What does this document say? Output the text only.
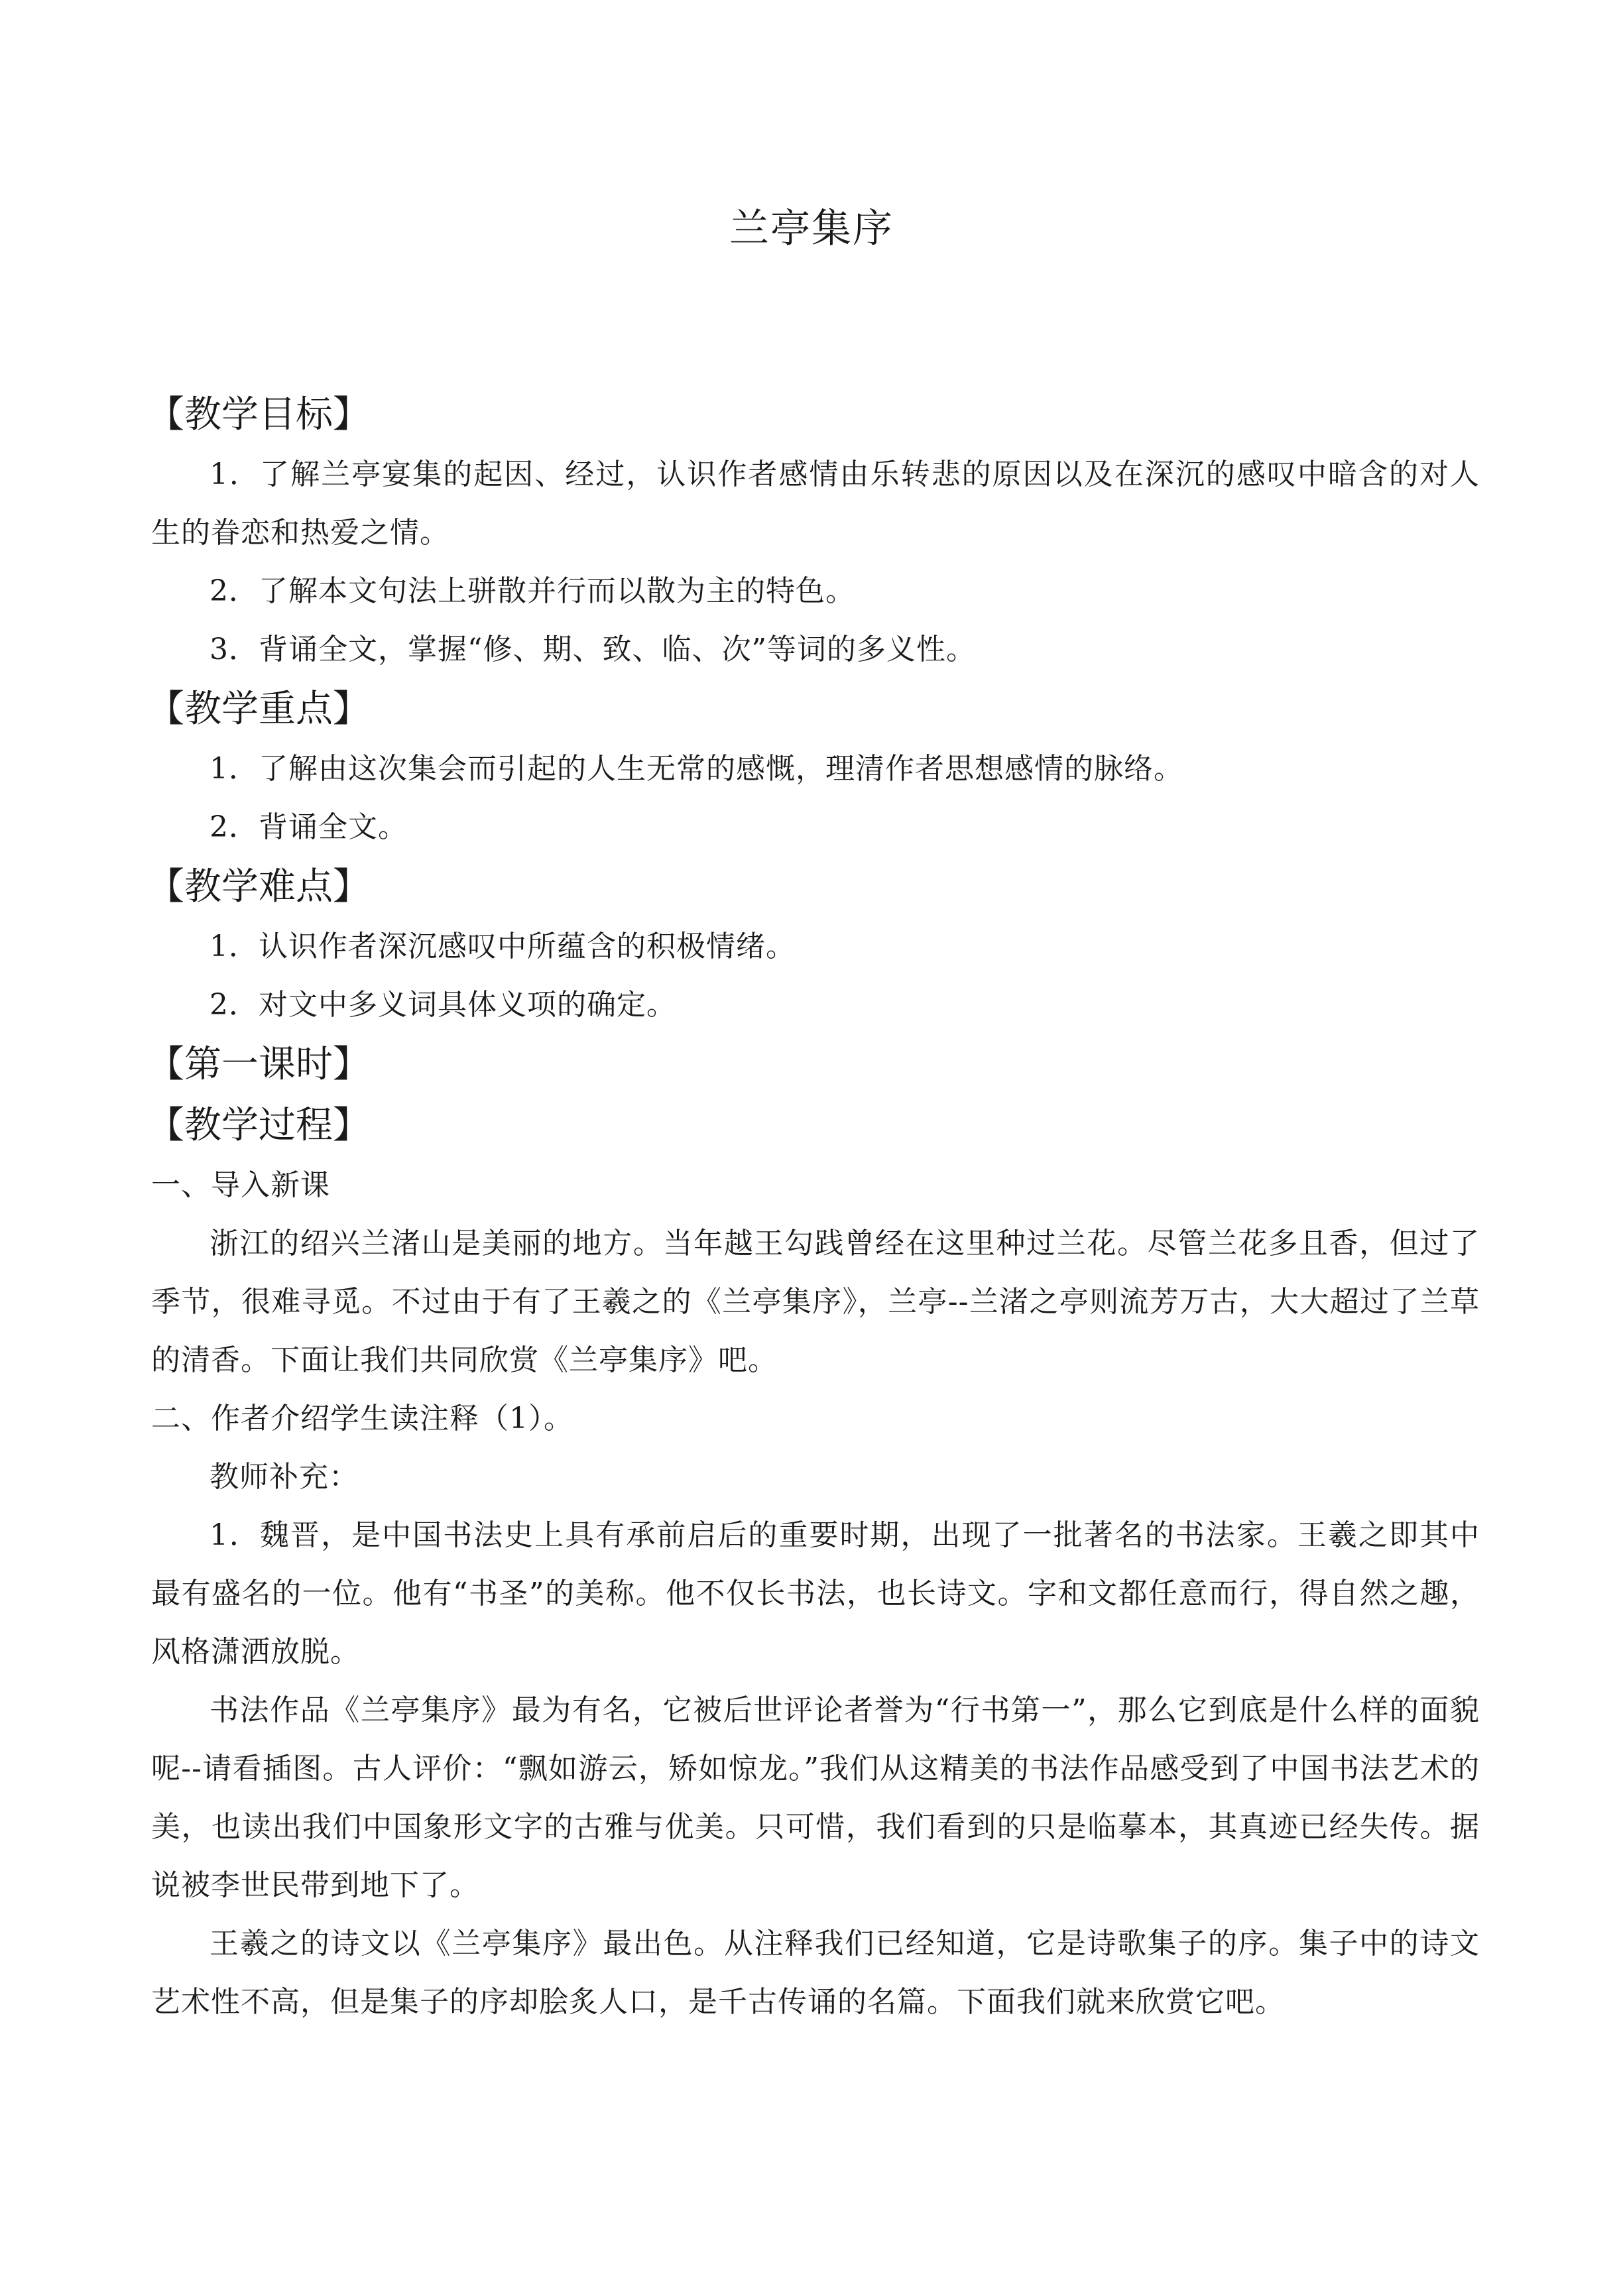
兰亭集序
【教学目标】
1．了解兰亭宴集的起因、经过，认识作者感情由乐转悲的原因以及在深沉的感叹中暗含的对人生的眷恋和热爱之情。
2．了解本文句法上骈散并行而以散为主的特色。
3．背诵全文，掌握“修、期、致、临、次”等词的多义性。
【教学重点】
1．了解由这次集会而引起的人生无常的感慨，理清作者思想感情的脉络。
2．背诵全文。
【教学难点】
1．认识作者深沉感叹中所蕴含的积极情绪。
2．对文中多义词具体义项的确定。
【第一课时】
【教学过程】
一、导入新课
浙江的绍兴兰渚山是美丽的地方。当年越王勾践曾经在这里种过兰花。尽管兰花多且香，但过了季节，很难寻觅。不过由于有了王羲之的《兰亭集序》，兰亭--兰渚之亭则流芳万古，大大超过了兰草的清香。下面让我们共同欣赏《兰亭集序》吧。
二、作者介绍学生读注释（1）。
教师补充：
1．魏晋，是中国书法史上具有承前启后的重要时期，出现了一批著名的书法家。王羲之即其中最有盛名的一位。他有“书圣”的美称。他不仅长书法，也长诗文。字和文都任意而行，得自然之趣，风格潇洒放脱。
书法作品《兰亭集序》最为有名，它被后世评论者誉为“行书第一”，那么它到底是什么样的面貌呢--请看插图。古人评价：“飘如游云，矫如惊龙。”我们从这精美的书法作品感受到了中国书法艺术的美，也读出我们中国象形文字的古雅与优美。只可惜，我们看到的只是临摹本，其真迹已经失传。据说被李世民带到地下了。
王羲之的诗文以《兰亭集序》最出色。从注释我们已经知道，它是诗歌集子的序。集子中的诗文艺术性不高，但是集子的序却脍炙人口，是千古传诵的名篇。下面我们就来欣赏它吧。
